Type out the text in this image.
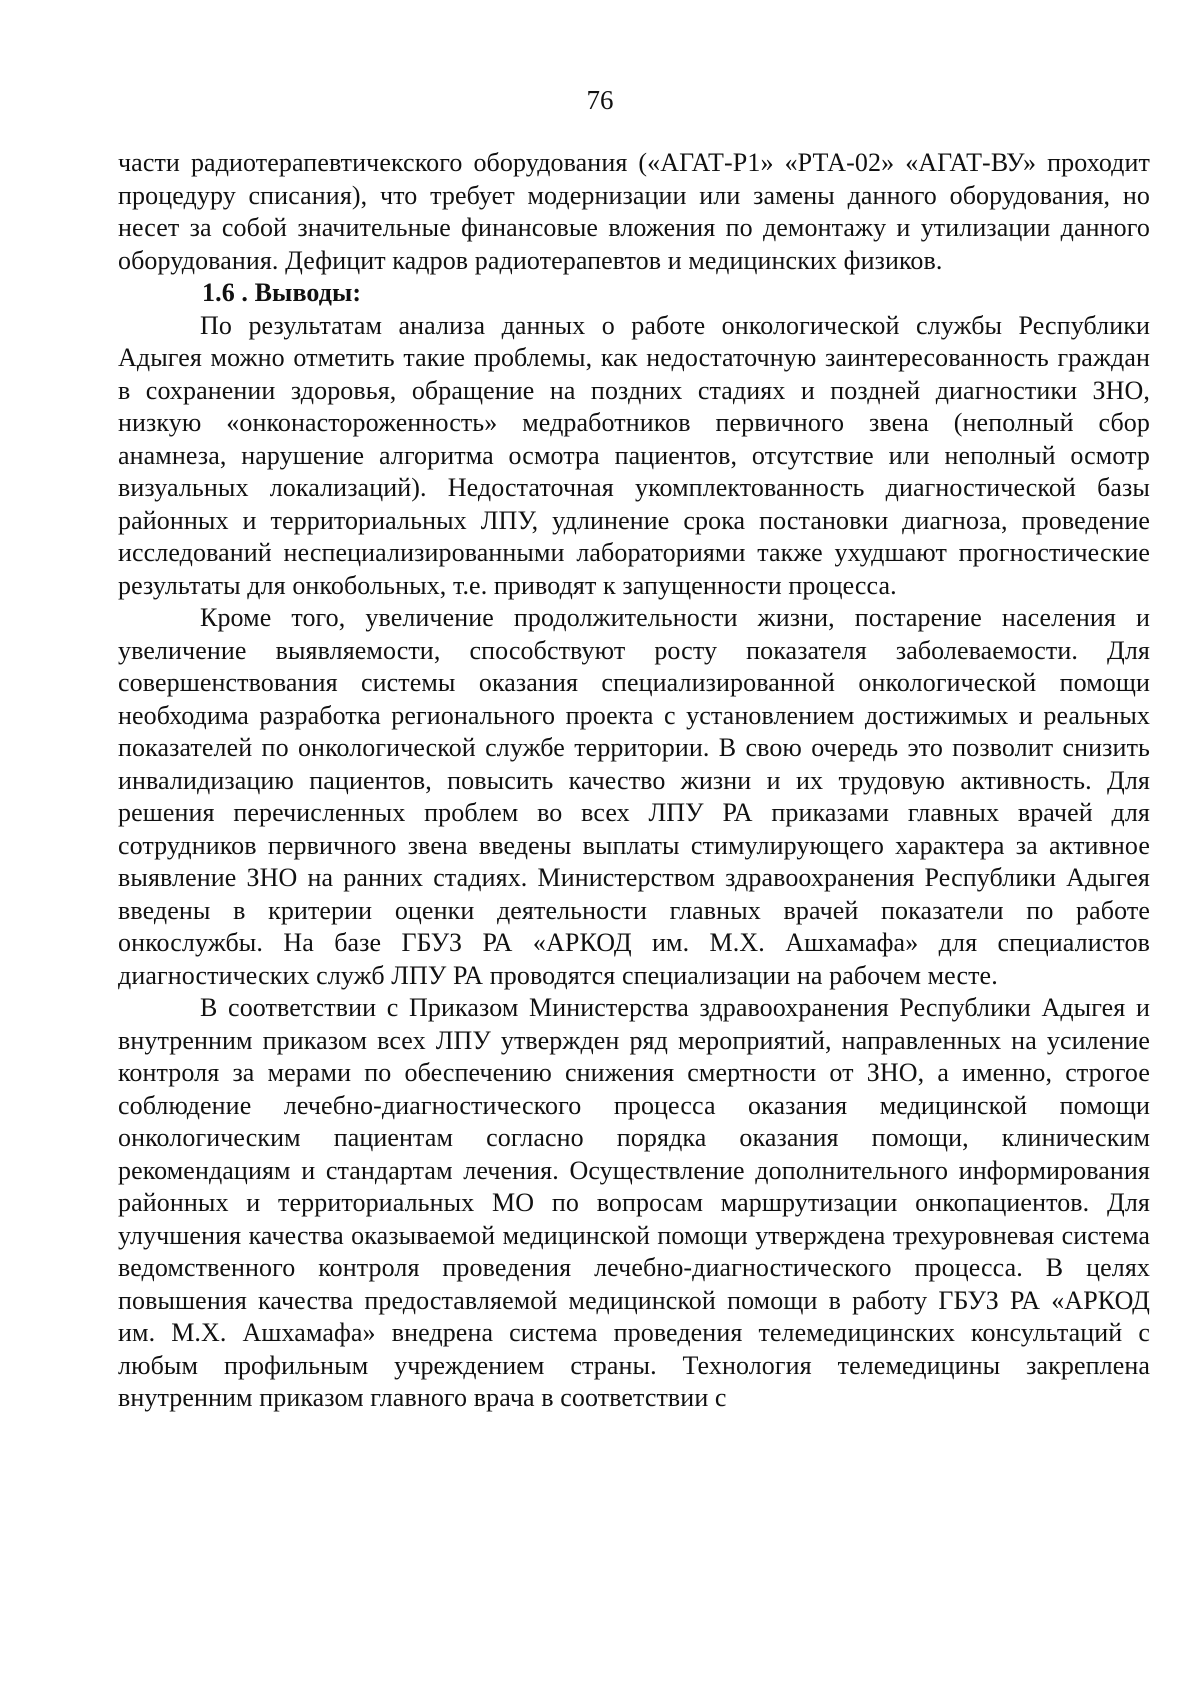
76

части радиотерапевтичекского оборудования («АГАТ-Р1» «РТА-02» «АГАТ-ВУ» проходит процедуру списания), что требует модернизации или замены данного оборудования, но несет за собой значительные финансовые вложения по демонтажу и утилизации данного оборудования. Дефицит кадров радиотерапевтов и медицинских физиков.

1.6 . Выводы:

По результатам анализа данных о работе онкологической службы Республики Адыгея можно отметить такие проблемы, как недостаточную заинтересованность граждан в сохранении здоровья, обращение на поздних стадиях и поздней диагностики ЗНО, низкую «онконастороженность» медработников первичного звена (неполный сбор анамнеза, нарушение алгоритма осмотра пациентов, отсутствие или неполный осмотр визуальных локализаций). Недостаточная укомплектованность диагностической базы районных и территориальных ЛПУ, удлинение срока постановки диагноза, проведение исследований неспециализированными лабораториями также ухудшают прогностические результаты для онкобольных, т.е. приводят к запущенности процесса.

Кроме того, увеличение продолжительности жизни, постарение населения и увеличение выявляемости, способствуют росту показателя заболеваемости. Для совершенствования системы оказания специализированной онкологической помощи необходима разработка регионального проекта с установлением достижимых и реальных показателей по онкологической службе территории. В свою очередь это позволит снизить инвалидизацию пациентов, повысить качество жизни и их трудовую активность. Для решения перечисленных проблем во всех ЛПУ РА приказами главных врачей для сотрудников первичного звена введены выплаты стимулирующего характера за активное выявление ЗНО на ранних стадиях. Министерством здравоохранения Республики Адыгея введены в критерии оценки деятельности главных врачей показатели по работе онкослужбы. На базе ГБУЗ РА «АРКОД им. М.Х. Ашхамафа» для специалистов диагностических служб ЛПУ РА проводятся специализации на рабочем месте.

В соответствии с Приказом Министерства здравоохранения Республики Адыгея и внутренним приказом всех ЛПУ утвержден ряд мероприятий, направленных на усиление контроля за мерами по обеспечению снижения смертности от ЗНО, а именно, строгое соблюдение лечебно-диагностического процесса оказания медицинской помощи онкологическим пациентам согласно порядка оказания помощи, клиническим рекомендациям и стандартам лечения. Осуществление дополнительного информирования районных и территориальных МО по вопросам маршрутизации онкопациентов. Для улучшения качества оказываемой медицинской помощи утверждена трехуровневая система ведомственного контроля проведения лечебно-диагностического процесса. В целях повышения качества предоставляемой медицинской помощи в работу ГБУЗ РА «АРКОД им. М.Х. Ашхамафа» внедрена система проведения телемедицинских консультаций с любым профильным учреждением страны. Технология телемедицины закреплена внутренним приказом главного врача в соответствии с
